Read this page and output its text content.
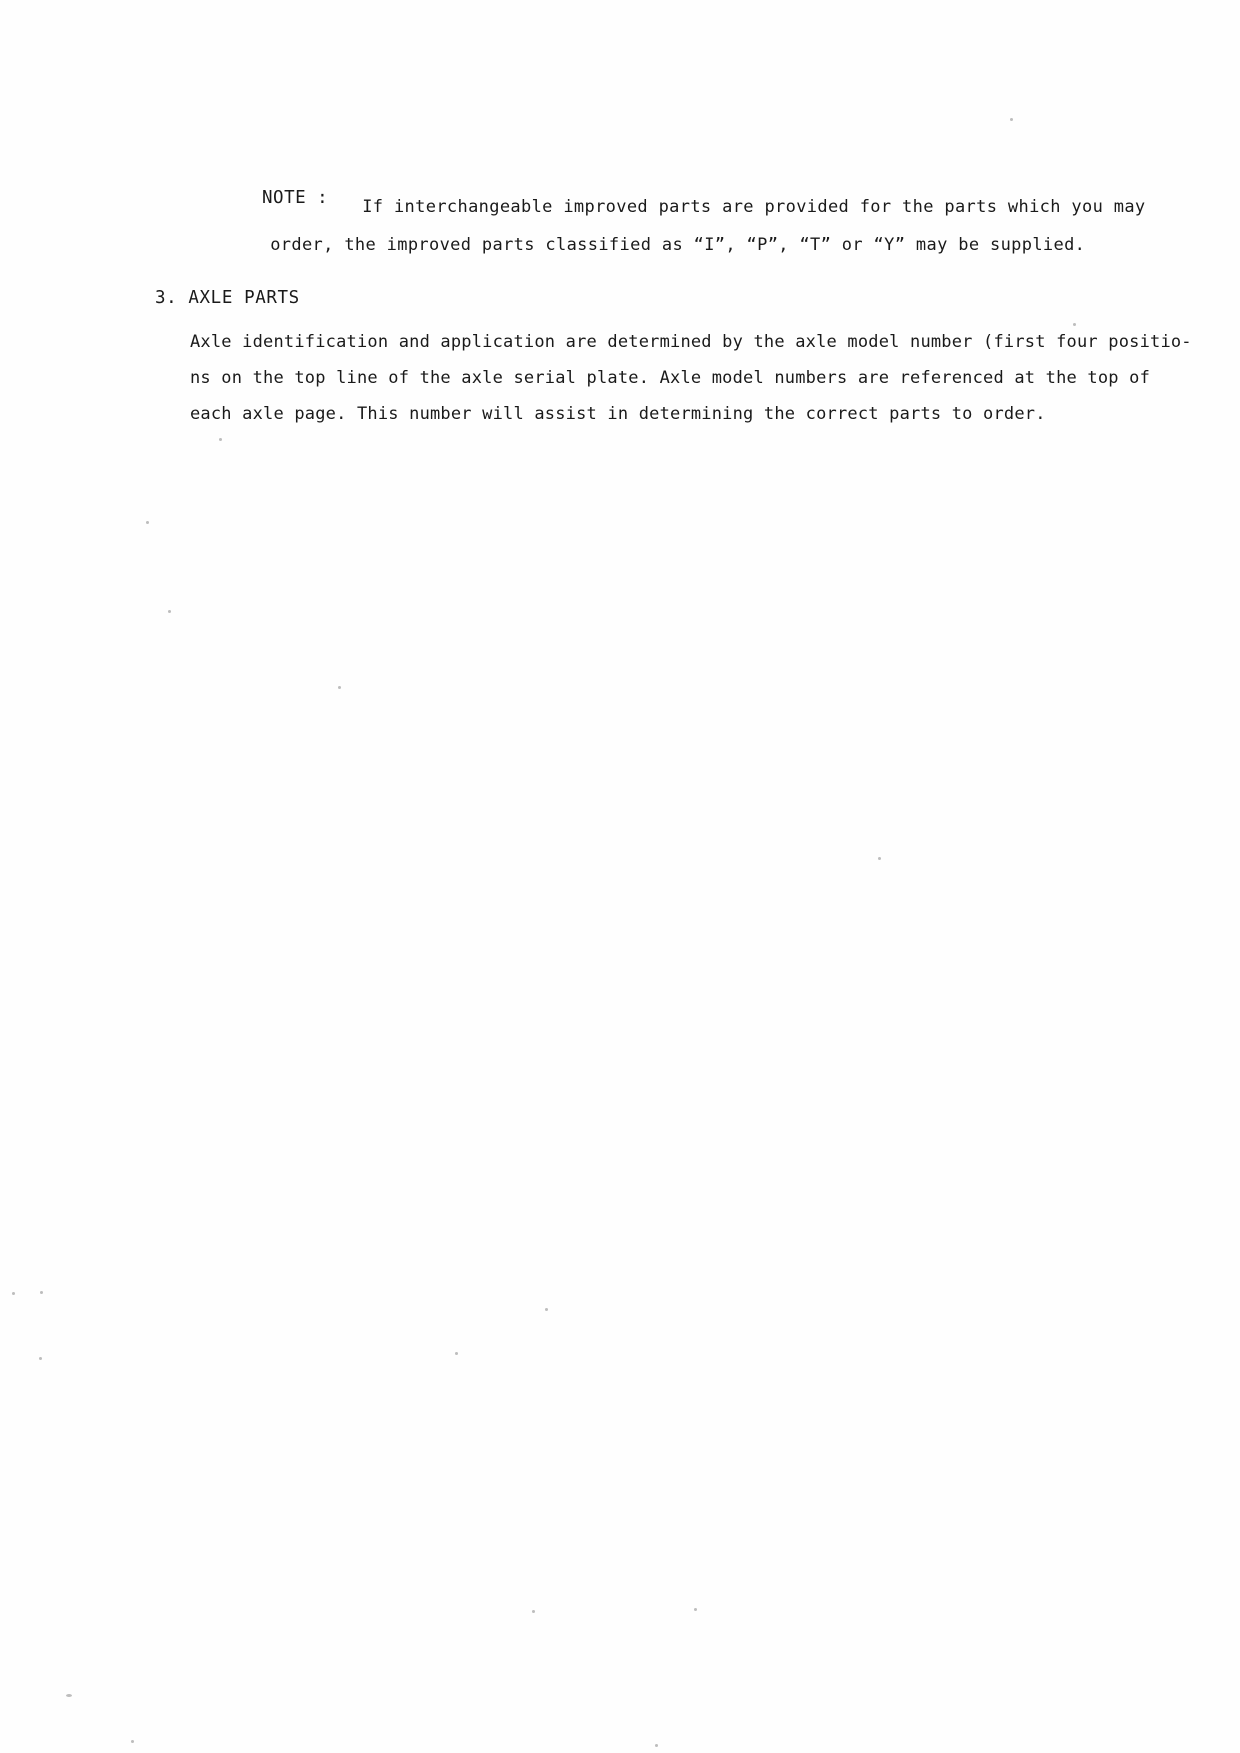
NOTE :	If interchangeable improved parts are provided for the parts which you may
order, the improved parts classified as “I”, “P”, “T” or “Y” may be supplied.
3. AXLE PARTS
Axle identification and application are determined by the axle model number (first four positio-
ns on the top line of the axle serial plate. Axle model numbers are referenced at the top of
each axle page. This number will assist in determining the correct parts to order.
